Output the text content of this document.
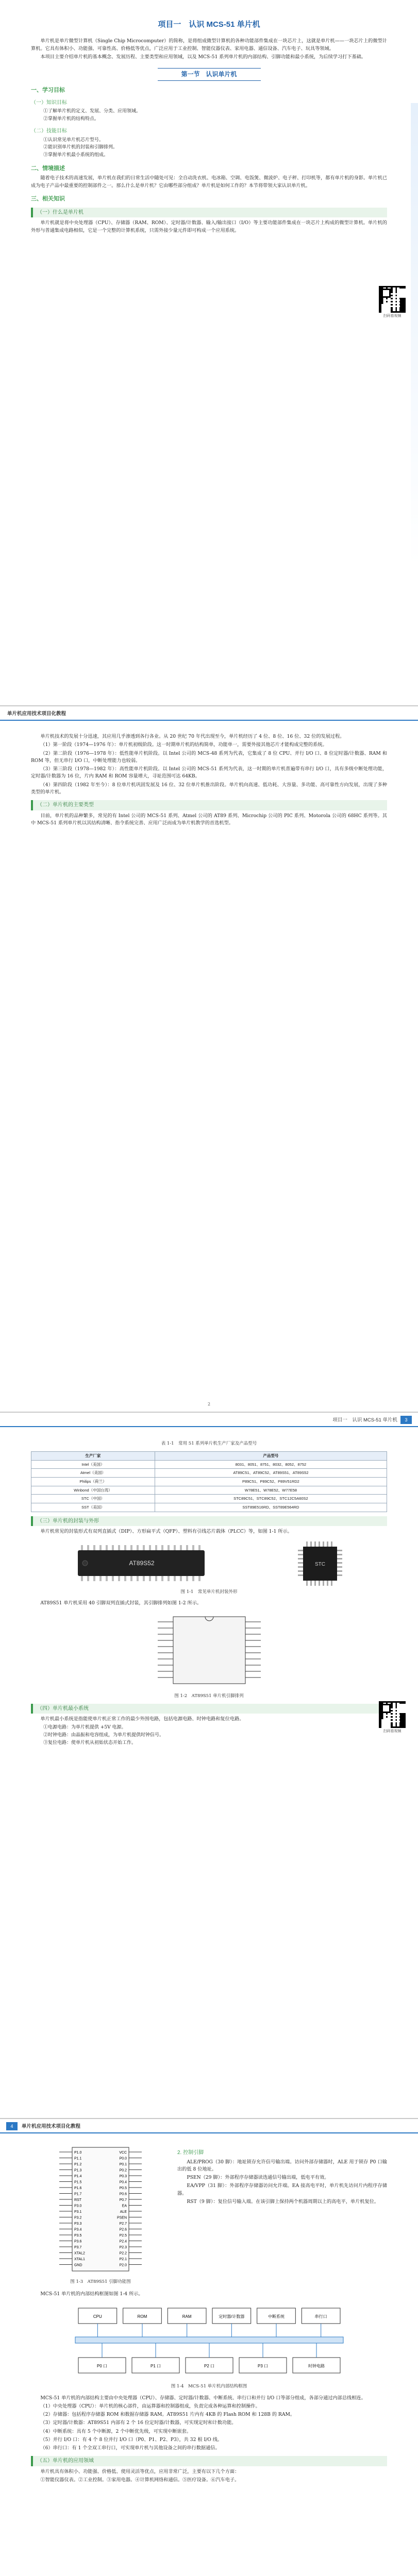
项目一　认识 MCS-51 单片机

单片机是单片微型计算机（Single Chip Microcomputer）的简称，是将组成微型计算机的各种功能部件集成在一块芯片上，这就是单片机——一块芯片上的微型计算机。它具有体积小、功能强、可靠性高、价格低等优点，广泛应用于工业控制、智能仪器仪表、家用电器、通信设备、汽车电子、玩具等领域。

本项目主要介绍单片机的基本概念、发展历程、主要类型和应用领域，以及 MCS-51 系列单片机的内部结构、引脚功能和最小系统，为后续学习打下基础。

第一节　认识单片机
一、学习目标
（一）知识目标
①了解单片机的定义、发展、分类、应用领域。
②掌握单片机的结构特点。
（二）技能目标
①认识常见单片机芯片型号。
②能识别单片机的封装和引脚排列。
③掌握单片机最小系统的组成。
二、情境描述

随着电子技术的高速发展，单片机在我们的日常生活中随处可见：全自动洗衣机、电冰箱、空调、电饭煲、微波炉、电子秤、打印机等，都有单片机的身影。单片机已成为电子产品中最重要的控制部件之一。那么什么是单片机？它由哪些部分组成？单片机是如何工作的？本节将带领大家认识单片机。

三、相关知识
（一）什么是单片机

单片机就是将中央处理器（CPU）、存储器（RAM、ROM）、定时器/计数器、输入/输出接口（I/O）等主要功能部件集成在一块芯片上构成的微型计算机。单片机的外形与普通集成电路相似，它是一个完整的计算机系统，只需外接少量元件即可构成一个应用系统。

扫码看视频
单片机应用技术项目化教程

单片机技术的发展十分迅速，其应用几乎渗透到各行各业。从 20 世纪 70 年代出现至今，单片机经历了 4 位、8 位、16 位、32 位的发展过程。

（1）第一阶段（1974—1976 年）：单片机初级阶段。这一时期单片机的结构简单，功能单一，需要外接其他芯片才能构成完整的系统。

（2）第二阶段（1976—1978 年）：低性能单片机阶段。以 Intel 公司的 MCS-48 系列为代表，它集成了 8 位 CPU、并行 I/O 口、8 位定时器/计数器、RAM 和 ROM 等，但无串行 I/O 口，中断处理能力也较弱。

（3）第三阶段（1978—1982 年）：高性能单片机阶段。以 Intel 公司的 MCS-51 系列为代表，这一时期的单片机普遍带有串行 I/O 口，具有多级中断处理功能，定时器/计数器为 16 位，片内 RAM 和 ROM 容量增大，寻址范围可达 64KB。

（4）第四阶段（1982 年至今）：8 位单片机巩固发展及 16 位、32 位单片机推出阶段。单片机向高速、低功耗、大容量、多功能、高可靠性方向发展，出现了多种类型的单片机。

（二）单片机的主要类型

目前，单片机的品种繁多，常见的有 Intel 公司的 MCS-51 系列、Atmel 公司的 AT89 系列、Microchip 公司的 PIC 系列、Motorola 公司的 68HC 系列等。其中 MCS-51 系列单片机以其结构清晰、指令系统完善、应用广泛而成为单片机教学的首选机型。

2
项目一　认识 MCS-51 单片机	3
表 1-1　常用 51 系列单片机生产厂家及产品型号
生产厂家	产品型号
Intel（美国）	8031、8051、8751、8032、8052、8752
Atmel（美国）	AT89C51、AT89C52、AT89S51、AT89S52
Philips（荷兰）	P89C51、P89C52、P89V51RD2
Winbond（中国台湾）	W78E51、W78E52、W77E58
STC（中国）	STC89C51、STC89C52、STC12C5A60S2
SST（美国）	SST89E516RD、SST89E564RD
（三）单片机的封装与外形

单片机常见的封装形式有双列直插式（DIP）、方形扁平式（QFP）、塑料有引线芯片载体（PLCC）等，如图 1-1 所示。

AT89S52	STC
图 1-1　常见单片机封装外形

AT89S51 单片机采用 40 引脚双列直插式封装，其引脚排列如图 1-2 所示。

图 1-2　AT89S51 单片机引脚排列
（四）单片机最小系统

单片机最小系统是指能使单片机正常工作的最少外围电路，包括电源电路、时钟电路和复位电路。

①电源电路：为单片机提供 +5V 电源。
②时钟电路：由晶振和电容组成，为单片机提供时钟信号。
③复位电路：使单片机从初始状态开始工作。
扫码看视频
4	单片机应用技术项目化教程
P1.0
P1.1
P1.2
P1.3
P1.4
P1.5
P1.6
P1.7
RST
P3.0
P3.1
P3.2
P3.3
P3.4
P3.5
P3.6
P3.7
XTAL2
XTAL1
GND
VCC
P0.0
P0.1
P0.2
P0.3
P0.4
P0.5
P0.6
P0.7
EA
ALE
PSEN
P2.7
P2.6
P2.5
P2.4
P2.3
P2.2
P2.1
P2.0
图 1-3　AT89S51 引脚功能图
2. 控制引脚

ALE/PROG（30 脚）：地址锁存允许信号输出端。访问外部存储器时，ALE 用于锁存 P0 口输出的低 8 位地址。

PSEN（29 脚）：外部程序存储器读选通信号输出端，低电平有效。

EA/VPP（31 脚）：外部程序存储器访问允许端。EA 接高电平时，单片机先访问片内程序存储器。

RST（9 脚）：复位信号输入端。在该引脚上保持两个机器周期以上的高电平，单片机复位。

MCS-51 单片机的内部结构框图如图 1-4 所示。

CPU	ROM	RAM	定时器/计数器	中断系统	串行口
P0 口	P1 口	P2 口	P3 口	时钟电路
图 1-4　MCS-51 单片机内部结构框图

MCS-51 单片机的内部结构主要由中央处理器（CPU）、存储器、定时器/计数器、中断系统、串行口和并行 I/O 口等部分组成，各部分通过内部总线相连。

（1）中央处理器（CPU）：单片机的核心部件，由运算器和控制器组成，负责完成各种运算和控制操作。

（2）存储器：包括程序存储器 ROM 和数据存储器 RAM。AT89S51 片内有 4KB 的 Flash ROM 和 128B 的 RAM。

（3）定时器/计数器：AT89S51 内部有 2 个 16 位定时器/计数器，可实现定时和计数功能。

（4）中断系统：具有 5 个中断源，2 个中断优先级，可实现中断嵌套。

（5）并行 I/O 口：有 4 个 8 位并行 I/O 口（P0、P1、P2、P3），共 32 根 I/O 线。

（6）串行口：有 1 个全双工串行口，可实现单片机与其他设备之间的串行数据通信。

（五）单片机的应用领域

单片机具有体积小、功能强、价格低、使用灵活等优点，应用非常广泛，主要有以下几个方面：

①智能仪器仪表。②工业控制。③家用电器。④计算机网络和通信。⑤医疗设备。⑥汽车电子。
